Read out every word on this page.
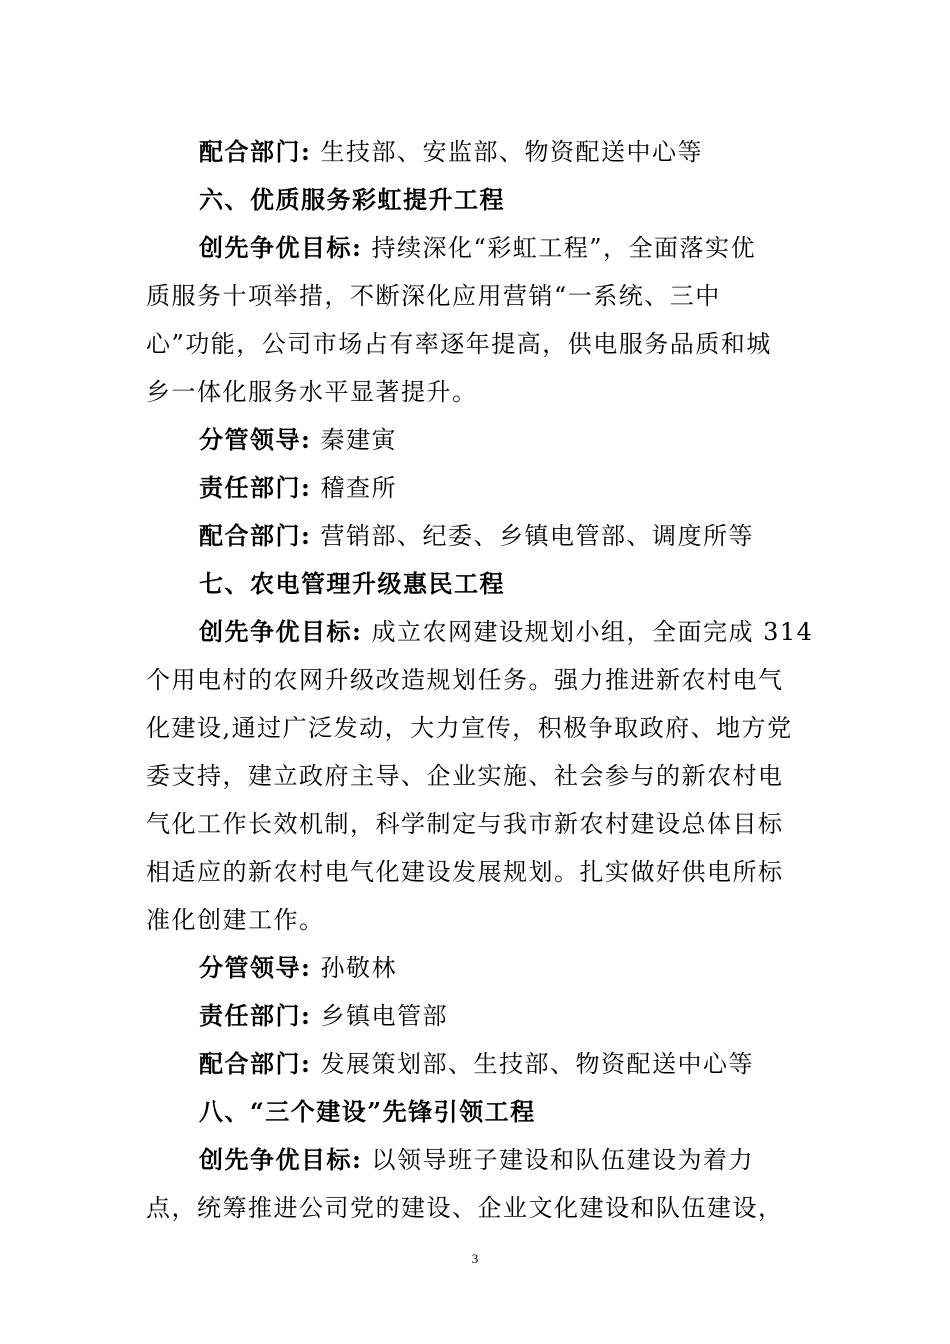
配合部门: 生技部、安监部、物资配送中心等
六、优质服务彩虹提升工程
创先争优目标: 持续深化“彩虹工程”，全面落实优
质服务十项举措，不断深化应用营销“一系统、三中
心”功能，公司市场占有率逐年提高，供电服务品质和城
乡一体化服务水平显著提升。
分管领导: 秦建寅
责任部门: 稽查所
配合部门: 营销部、纪委、乡镇电管部、调度所等
七、农电管理升级惠民工程
创先争优目标: 成立农网建设规划小组，全面完成 314
个用电村的农网升级改造规划任务。强力推进新农村电气
化建设,通过广泛发动，大力宣传，积极争取政府、地方党
委支持，建立政府主导、企业实施、社会参与的新农村电
气化工作长效机制，科学制定与我市新农村建设总体目标
相适应的新农村电气化建设发展规划。扎实做好供电所标
准化创建工作。
分管领导: 孙敬林
责任部门: 乡镇电管部
配合部门: 发展策划部、生技部、物资配送中心等
八、“三个建设”先锋引领工程
创先争优目标: 以领导班子建设和队伍建设为着力
点，统筹推进公司党的建设、企业文化建设和队伍建设，
3
